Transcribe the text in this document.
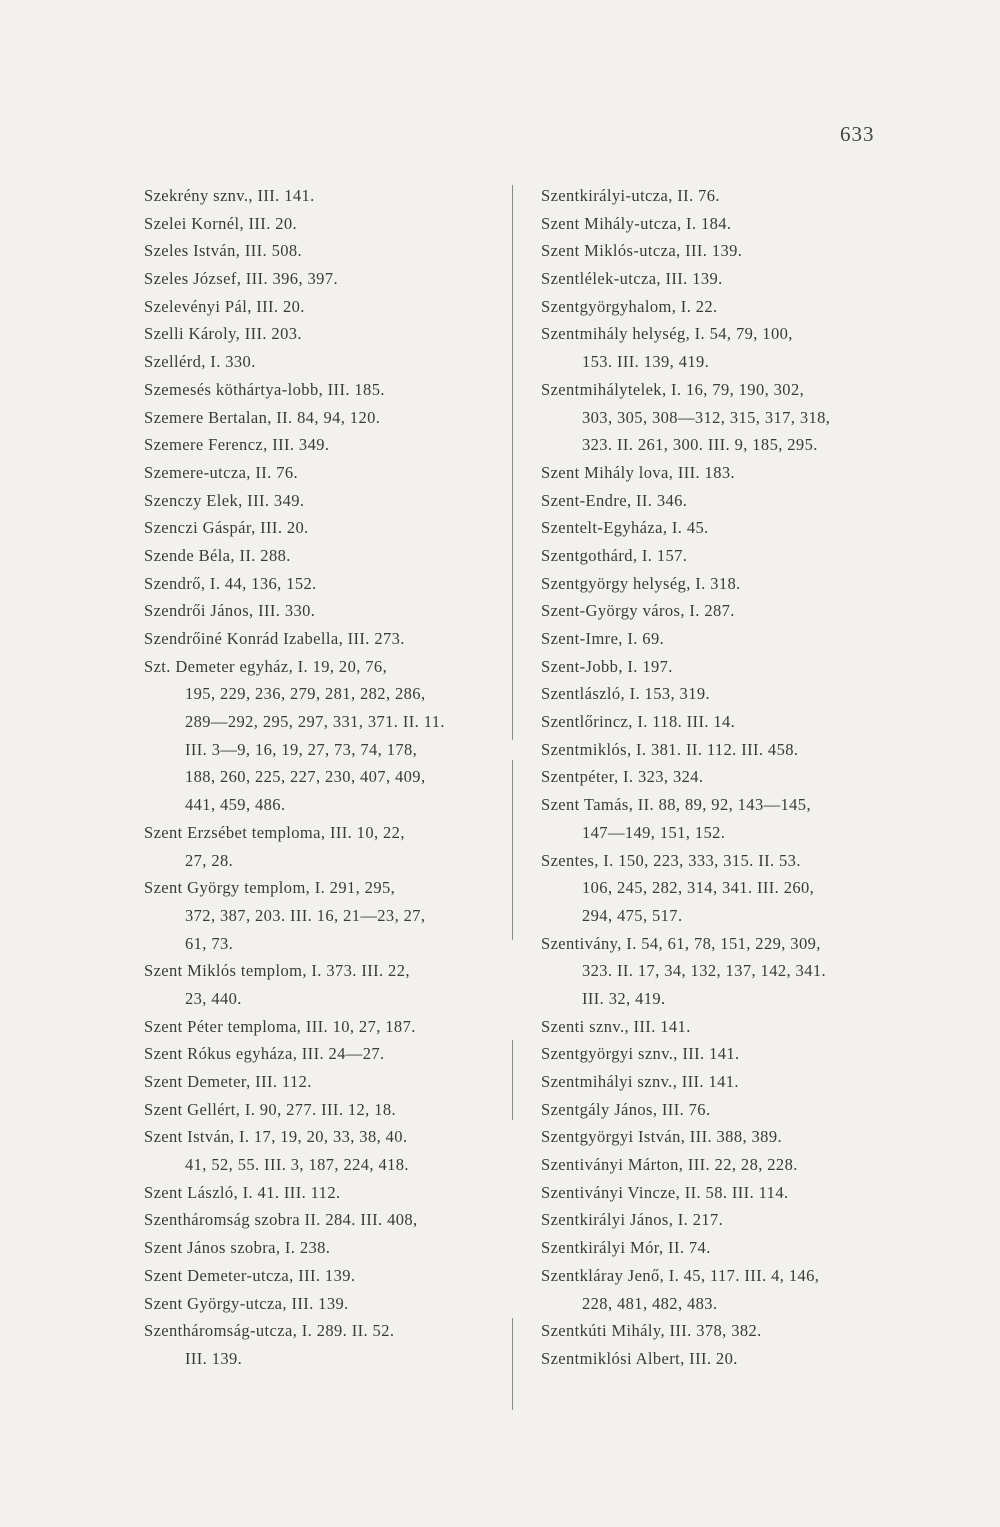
633
Szekrény sznv., III. 141.
Szelei Kornél, III. 20.
Szeles István, III. 508.
Szeles József, III. 396, 397.
Szelevényi Pál, III. 20.
Szelli Károly, III. 203.
Szellérd, I. 330.
Szemesés köthártya-lobb, III. 185.
Szemere Bertalan, II. 84, 94, 120.
Szemere Ferencz, III. 349.
Szemere-utcza, II. 76.
Szenczy Elek, III. 349.
Szenczi Gáspár, III. 20.
Szende Béla, II. 288.
Szendrő, I. 44, 136, 152.
Szendrői János, III. 330.
Szendrőiné Konrád Izabella, III. 273.
Szt. Demeter egyház, I. 19, 20, 76,
195, 229, 236, 279, 281, 282, 286,
289—292, 295, 297, 331, 371. II. 11.
III. 3—9, 16, 19, 27, 73, 74, 178,
188, 260, 225, 227, 230, 407, 409,
441, 459, 486.
Szent Erzsébet temploma, III. 10, 22,
27, 28.
Szent György templom, I. 291, 295,
372, 387, 203. III. 16, 21—23, 27,
61, 73.
Szent Miklós templom, I. 373. III. 22,
23, 440.
Szent Péter temploma, III. 10, 27, 187.
Szent Rókus egyháza, III. 24—27.
Szent Demeter, III. 112.
Szent Gellért, I. 90, 277. III. 12, 18.
Szent István, I. 17, 19, 20, 33, 38, 40.
41, 52, 55. III. 3, 187, 224, 418.
Szent László, I. 41. III. 112.
Szentháromság szobra II. 284. III. 408,
Szent János szobra, I. 238.
Szent Demeter-utcza, III. 139.
Szent György-utcza, III. 139.
Szentháromság-utcza, I. 289. II. 52.
III. 139.
Szentkirályi-utcza, II. 76.
Szent Mihály-utcza, I. 184.
Szent Miklós-utcza, III. 139.
Szentlélek-utcza, III. 139.
Szentgyörgyhalom, I. 22.
Szentmihály helység, I. 54, 79, 100,
153. III. 139, 419.
Szentmihálytelek, I. 16, 79, 190, 302,
303, 305, 308—312, 315, 317, 318,
323. II. 261, 300. III. 9, 185, 295.
Szent Mihály lova, III. 183.
Szent-Endre, II. 346.
Szentelt-Egyháza, I. 45.
Szentgothárd, I. 157.
Szentgyörgy helység, I. 318.
Szent-György város, I. 287.
Szent-Imre, I. 69.
Szent-Jobb, I. 197.
Szentlászló, I. 153, 319.
Szentlőrincz, I. 118. III. 14.
Szentmiklós, I. 381. II. 112. III. 458.
Szentpéter, I. 323, 324.
Szent Tamás, II. 88, 89, 92, 143—145,
147—149, 151, 152.
Szentes, I. 150, 223, 333, 315. II. 53.
106, 245, 282, 314, 341. III. 260,
294, 475, 517.
Szentivány, I. 54, 61, 78, 151, 229, 309,
323. II. 17, 34, 132, 137, 142, 341.
III. 32, 419.
Szenti sznv., III. 141.
Szentgyörgyi sznv., III. 141.
Szentmihályi sznv., III. 141.
Szentgály János, III. 76.
Szentgyörgyi István, III. 388, 389.
Szentiványi Márton, III. 22, 28, 228.
Szentiványi Vincze, II. 58. III. 114.
Szentkirályi János, I. 217.
Szentkirályi Mór, II. 74.
Szentkláray Jenő, I. 45, 117. III. 4, 146,
228, 481, 482, 483.
Szentkúti Mihály, III. 378, 382.
Szentmiklósi Albert, III. 20.
